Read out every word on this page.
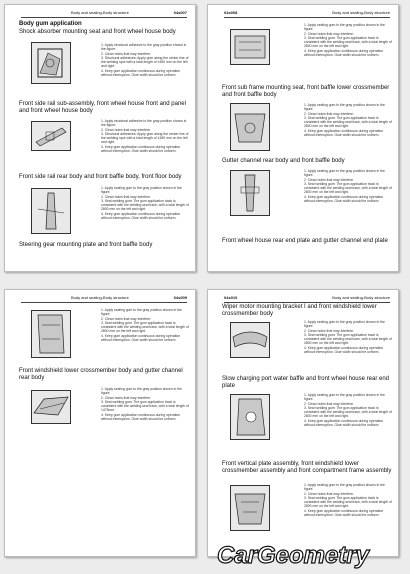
Body and sealing-Body structure	04s007
Body gum application
Shock absorber mounting seat and front wheel house body
1. Apply structural adhesive to the gray position shown in the figure.
2. Clean holes that may interfere.
3. Structural adhesives: Apply gum along the center line of the welding spot with a total length of 1480 mm on the left and right.
4. Keep gum application continuous during operation without interruption. Glue width should be uniform.
Front side rail sub-assembly, front wheel house front and panel and front wheel house body
1. Apply structural adhesive to the gray position shown in the figure.
2. Clean holes that may interfere.
3. Structural adhesives: Apply gum along the center line of the welding spot with a total length of 1480 mm on the left and right.
4. Keep gum application continuous during operation without interruption. Glue width should be uniform.
Front side rail rear body and front baffle body, front floor body
1. Apply sealing gum to the gray position shown in the figure.
2. Clean holes that may interfere.
3. Seal welding gum: The gum application track is consistent with the welding seal track, with a total length of 2800 mm on the left and right.
4. Keep gum application continuous during operation without interruption. Glue width should be uniform.
Steering gear mounting plate and front baffle body
04s008	Body and sealing-Body structure
1. Apply sealing gum to the gray position shown in the figure.
2. Clean holes that may interfere.
3. Seal welding gum: The gum application track is consistent with the welding seal track, with a total length of 2800 mm on the left and right.
4. Keep gum application continuous during operation without interruption. Glue width should be uniform.
Front sub frame mounting seat, front baffle lower crossmember and front baffle body
1. Apply sealing gum to the gray position shown in the figure.
2. Clean holes that may interfere.
3. Seal welding gum: The gum application track is consistent with the welding seal track, with a total length of 2800 mm on the left and right.
4. Keep gum application continuous during operation without interruption. Glue width should be uniform.
Gutter channel rear body and front baffle body
1. Apply sealing gum to the gray position shown in the figure.
2. Clean holes that may interfere.
3. Seal welding gum: The gum application track is consistent with the welding seal track, with a total length of 2800 mm on the left and right.
4. Keep gum application continuous during operation without interruption. Glue width should be uniform.
Front wheel house rear end plate and gutter channel end plate
Body and sealing-Body structure	04s009
1. Apply sealing gum to the gray position shown in the figure.
2. Clean holes that may interfere.
3. Seal welding gum: The gum application track is consistent with the welding seal track, with a total length of 2800 mm on the left and right.
4. Keep gum application continuous during operation without interruption. Glue width should be uniform.
Front windshield lower crossmember body and gutter channel rear body
1. Apply sealing gum to the gray position shown in the figure.
2. Clean holes that may interfere.
3. Seal welding gum: The gum application track is consistent with the welding seal track, with a total length of 1475mm.
4. Keep gum application continuous during operation without interruption. Glue width should be uniform.
04s010	Body and sealing-Body structure
Wiper motor mounting bracket I and front windshield lower crossmember body
1. Apply sealing gum to the gray position shown in the figure.
2. Clean holes that may interfere.
3. Seal welding gum: The gum application track is consistent with the welding seal track, with a total length of 2800 mm on the left and right.
4. Keep gum application continuous during operation without interruption. Glue width should be uniform.
Slow charging port water baffle and front wheel house rear end plate
1. Apply sealing gum to the gray position shown in the figure.
2. Clean holes that may interfere.
3. Seal welding gum: The gum application track is consistent with the welding seal track, with a total length of 2800 mm on the left and right.
4. Keep gum application continuous during operation without interruption. Glue width should be uniform.
Front vertical plate assembly, front windshield lower crossmember assembly and front compartment frame assembly
1. Apply sealing gum to the gray position shown in the figure.
2. Clean holes that may interfere.
3. Seal welding gum: The gum application track is consistent with the welding seal track, with a total length of 2800 mm on the left and right.
4. Keep gum application continuous during operation without interruption. Glue width should be uniform.
CarGeometry
